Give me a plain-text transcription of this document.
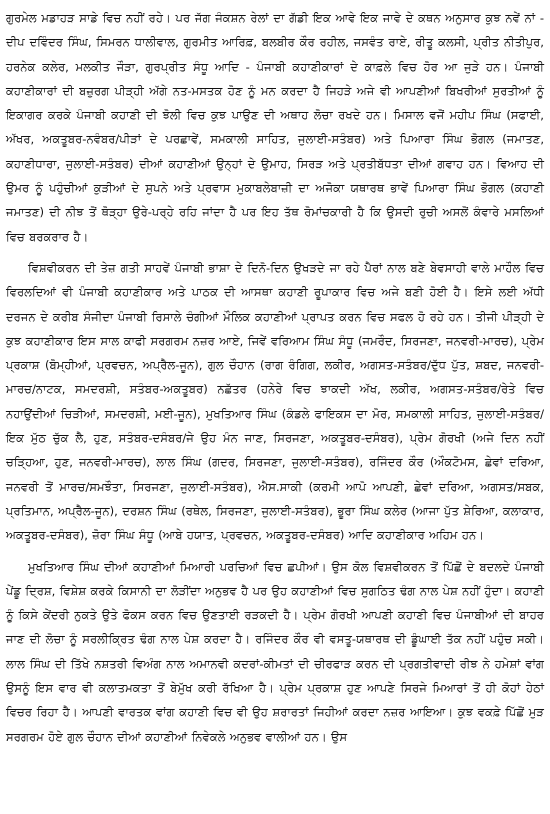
ਗੁਰਮੇਲ ਮਡਾਹੜ ਸਾਡੇ ਵਿਚ ਨਹੀਂ ਰਹੇ। ਪਰ ਜੱਗ ਜੰਕਸ਼ਨ ਰੇਲਾਂ ਦਾ ਗੱਡੀ ਇਕ ਆਵੇ ਇਕ ਜਾਵੇ ਦੇ ਕਥਨ ਅਨੁਸਾਰ ਕੁਝ ਨਵੇਂ ਨਾਂ - ਦੀਪ ਦਵਿੰਦਰ ਸਿੰਘ, ਸਿਮਰਨ ਧਾਲੀਵਾਲ, ਗੁਰਮੀਤ ਆਰਿਫ਼, ਬਲਬੀਰ ਕੌਰ ਰਹੀਲ, ਜਸਵੰਤ ਰਾਏ, ਰੀਤੂ ਕਲਸੀ, ਪ੍ਰੀਤ ਨੀਤੀਪੁਰ, ਹਰਨੇਕ ਕਲੇਰ, ਮਲਕੀਤ ਜੌੜਾ, ਗੁਰਪ੍ਰੀਤ ਸੰਧੂ ਆਦਿ - ਪੰਜਾਬੀ ਕਹਾਣੀਕਾਰਾਂ ਦੇ ਕਾਫ਼ਲੇ ਵਿਚ ਹੋਰ ਆ ਜੁੜੇ ਹਨ। ਪੰਜਾਬੀ ਕਹਾਣੀਕਾਰਾਂ ਦੀ ਬਜ਼ੁਰਗ ਪੀੜ੍ਹੀ ਅੱਗੇ ਨਤ-ਮਸਤਕ ਹੋਣ ਨੂੰ ਮਨ ਕਰਦਾ ਹੈ ਜਿਹੜੇ ਅਜੇ ਵੀ ਆਪਣੀਆਂ ਬਿਖਰੀਆਂ ਸੁਰਤੀਆਂ ਨੂੰ ਇਕਾਗਰ ਕਰਕੇ ਪੰਜਾਬੀ ਕਹਾਣੀ ਦੀ ਝੋਲੀ ਵਿਚ ਕੁਝ ਪਾਉਣ ਦੀ ਅਥਾਹ ਲੋਚਾ ਰਖਦੇ ਹਨ। ਮਿਸਾਲ ਵਜੋਂ ਮਹੀਪ ਸਿੰਘ (ਸਫਾਈ, ਅੱਖਰ, ਅਕਤੂਬਰ-ਨਵੰਬਰ/ਪੀੜਾਂ ਦੇ ਪਰਛਾਵੇਂ, ਸਮਕਾਲੀ ਸਾਹਿਤ, ਜੁਲਾਈ-ਸਤੰਬਰ) ਅਤੇ ਪਿਆਰਾ ਸਿੰਘ ਭੋਗਲ (ਜਮਾਤਣ, ਕਹਾਣੀਧਾਰਾ, ਜੁਲਾਈ-ਸਤੰਬਰ) ਦੀਆਂ ਕਹਾਣੀਆਂ ਉਨ੍ਹਾਂ ਦੇ ਉਮਾਹ, ਸਿਰੜ ਅਤੇ ਪ੍ਰਤੀਬੱਧਤਾ ਦੀਆਂ ਗਵਾਹ ਹਨ। ਵਿਆਹ ਦੀ ਉਮਰ ਨੂੰ ਪਹੁੰਚੀਆਂ ਕੁੜੀਆਂ ਦੇ ਸੁਪਨੇ ਅਤੇ ਪ੍ਰਵਾਸ ਮੁਕਾਬਲੇਬਾਜ਼ੀ ਦਾ ਅਜੋਕਾ ਯਥਾਰਥ ਭਾਵੇਂ ਪਿਆਰਾ ਸਿੰਘ ਭੋਗਲ (ਕਹਾਣੀ ਜਮਾਤਣ) ਦੀ ਨੀਝ ਤੋਂ ਥੋੜ੍ਹਾ ਉਰੇ-ਪਰ੍ਹੇ ਰਹਿ ਜਾਂਦਾ ਹੈ ਪਰ ਇਹ ਤੱਥ ਰੋਮਾਂਚਕਾਰੀ ਹੈ ਕਿ ਉਸਦੀ ਰੁਚੀ ਅਸਲੋਂ ਕੰਵਾਰੇ ਮਸਲਿਆਂ ਵਿਚ ਬਰਕਰਾਰ ਹੈ।

ਵਿਸ਼ਵੀਕਰਨ ਦੀ ਤੇਜ਼ ਗਤੀ ਸਾਹਵੇਂ ਪੰਜਾਬੀ ਭਾਸ਼ਾ ਦੇ ਦਿਨੋ-ਦਿਨ ਉਖੜਦੇ ਜਾ ਰਹੇ ਪੈਰਾਂ ਨਾਲ ਬਣੇ ਬੇਵਸਾਹੀ ਵਾਲੇ ਮਾਹੌਲ ਵਿਚ ਵਿਰਲਦਿਆਂ ਵੀ ਪੰਜਾਬੀ ਕਹਾਣੀਕਾਰ ਅਤੇ ਪਾਠਕ ਦੀ ਆਸਥਾ ਕਹਾਣੀ ਰੂਪਾਕਾਰ ਵਿਚ ਅਜੇ ਬਣੀ ਹੋਈ ਹੈ। ਇਸੇ ਲਈ ਅੱਧੀ ਦਰਜਨ ਦੇ ਕਰੀਬ ਸੰਜੀਦਾ ਪੰਜਾਬੀ ਰਿਸਾਲੇ ਚੰਗੀਆਂ ਮੌਲਿਕ ਕਹਾਣੀਆਂ ਪ੍ਰਾਪਤ ਕਰਨ ਵਿਚ ਸਫਲ ਹੋ ਰਹੇ ਹਨ। ਤੀਜੀ ਪੀੜ੍ਹੀ ਦੇ ਕੁਝ ਕਹਾਣੀਕਾਰ ਇਸ ਸਾਲ ਕਾਫੀ ਸਰਗਰਮ ਨਜ਼ਰ ਆਏ, ਜਿਵੇਂ ਵਰਿਆਮ ਸਿੰਘ ਸੰਧੂ (ਜਮਰੌਦ, ਸਿਰਜਣਾ, ਜਨਵਰੀ-ਮਾਰਚ), ਪ੍ਰੇਮ ਪ੍ਰਕਾਸ਼ (ਬੋਮ੍ਹੀਆਂ, ਪ੍ਰਵਚਨ, ਅਪ੍ਰੈਲ-ਜੂਨ), ਗੁਲ ਚੌਹਾਨ (ਰਾਗ ਰੰਗਿਗ, ਲਕੀਰ, ਅਗਸਤ-ਸਤੰਬਰ/ਦੁੱਧ ਪੁੱਤ, ਸ਼ਬਦ, ਜਨਵਰੀ-ਮਾਰਚ/ਨਾਟਕ, ਸਮਦਰਸ਼ੀ, ਸਤੰਬਰ-ਅਕਤੂਬਰ) ਨਛੱਤਰ (ਹਨੇਰੇ ਵਿਚ ਝਾਕਦੀ ਅੱਖ, ਲਕੀਰ, ਅਗਸਤ-ਸਤੰਬਰ/ਰੇਤੇ ਵਿਚ ਨਹਾਉਂਦੀਆਂ ਚਿੜੀਆਂ, ਸਮਦਰਸ਼ੀ, ਮਈ-ਜੂਨ), ਮੁਖਤਿਆਰ ਸਿੰਘ (ਕੰਡਲੇ ਫਾਇਕਸ ਦਾ ਮੋਰ, ਸਮਕਾਲੀ ਸਾਹਿਤ, ਜੁਲਾਈ-ਸਤੰਬਰ/ਇਕ ਮੁੱਠ ਚੁੱਕ ਲੈ, ਹੁਣ, ਸਤੰਬਰ-ਦਸੰਬਰ/ਜੇ ਉਹ ਮੰਨ ਜਾਣ, ਸਿਰਜਣਾ, ਅਕਤੂਬਰ-ਦਸੰਬਰ), ਪ੍ਰੇਮ ਗੋਰਖੀ (ਅਜੇ ਦਿਨ ਨਹੀਂ ਚੜ੍ਹਿਆ, ਹੁਣ, ਜਨਵਰੀ-ਮਾਰਚ), ਲਾਲ ਸਿੰਘ (ਗਦਰ, ਸਿਰਜਣਾ, ਜੁਲਾਈ-ਸਤੰਬਰ), ਰਜਿੰਦਰ ਕੌਰ (ਔਕਟੋਮਸ, ਛੇਵਾਂ ਦਰਿਆ, ਜਨਵਰੀ ਤੋਂ ਮਾਰਚ/ਸਮਝੌਤਾ, ਸਿਰਜਣਾ, ਜੁਲਾਈ-ਸਤੰਬਰ), ਐਸ.ਸਾਕੀ (ਕਰਮੀ ਆਪੋ ਆਪਣੀ, ਛੇਵਾਂ ਦਰਿਆ, ਅਗਸਤ/ਸਬਕ, ਪ੍ਰਤਿਮਾਨ, ਅਪ੍ਰੈਲ-ਜੂਨ), ਦਰਸ਼ਨ ਸਿੰਘ (ਰਥੇਲ, ਸਿਰਜਣਾ, ਜੁਲਾਈ-ਸਤੰਬਰ), ਭੂਰਾ ਸਿੰਘ ਕਲੇਰ (ਆਜਾ ਪੁੱਤ ਸ਼ੇਰਿਆ, ਕਲਾਕਾਰ, ਅਕਤੂਬਰ-ਦਸੰਬਰ), ਜ਼ੋਰਾ ਸਿੰਘ ਸੰਧੂ (ਆਬੇ ਹਯਾਤ, ਪ੍ਰਵਚਨ, ਅਕਤੂਬਰ-ਦਸੰਬਰ) ਆਦਿ ਕਹਾਣੀਕਾਰ ਅਹਿਮ ਹਨ।

ਮੁਖਤਿਆਰ ਸਿੰਘ ਦੀਆਂ ਕਹਾਣੀਆਂ ਮਿਆਰੀ ਪਰਚਿਆਂ ਵਿਚ ਛਪੀਆਂ। ਉਸ ਕੋਲ ਵਿਸ਼ਵੀਕਰਨ ਤੋਂ ਪਿੱਛੋਂ ਦੇ ਬਦਲਦੇ ਪੰਜਾਬੀ ਪੇਂਡੂ ਦ੍ਰਿਸ਼, ਵਿਸ਼ੇਸ਼ ਕਰਕੇ ਕਿਸਾਨੀ ਦਾ ਲੋੜੀਂਦਾ ਅਨੁਭਵ ਹੈ ਪਰ ਉਹ ਕਹਾਣੀਆਂ ਵਿਚ ਸੁਗਠਿਤ ਢੰਗ ਨਾਲ ਪੇਸ਼ ਨਹੀਂ ਹੁੰਦਾ। ਕਹਾਣੀ ਨੂੰ ਕਿਸੇ ਕੇਂਦਰੀ ਨੁਕਤੇ ਉਤੇ ਫੋਕਸ ਕਰਨ ਵਿਚ ਉਣਤਾਈ ਰੜਕਦੀ ਹੈ। ਪ੍ਰੇਮ ਗੋਰਖੀ ਆਪਣੀ ਕਹਾਣੀ ਵਿਚ ਪੰਜਾਬੀਆਂ ਦੀ ਬਾਹਰ ਜਾਣ ਦੀ ਲੋਚਾ ਨੂੰ ਸਰਲੀਕ੍ਰਿਤ ਢੰਗ ਨਾਲ ਪੇਸ਼ ਕਰਦਾ ਹੈ। ਰਜਿੰਦਰ ਕੌਰ ਵੀ ਵਸਤੂ-ਯਥਾਰਥ ਦੀ ਡੂੰਘਾਈ ਤੱਕ ਨਹੀਂ ਪਹੁੰਚ ਸਕੀ। ਲਾਲ ਸਿੰਘ ਦੀ ਤਿੱਖੇ ਨਸ਼ਤਰੀ ਵਿਅੰਗ ਨਾਲ ਅਮਾਨਵੀ ਕਦਰਾਂ-ਕੀਮਤਾਂ ਦੀ ਚੀਰਫਾੜ ਕਰਨ ਦੀ ਪ੍ਰਗਤੀਵਾਦੀ ਰੀਝ ਨੇ ਹਮੇਸ਼ਾਂ ਵਾਂਗ ਉਸਨੂੰ ਇਸ ਵਾਰ ਵੀ ਕਲਾਤਮਕਤਾ ਤੋਂ ਬੇਮੁੱਖ ਕਰੀ ਰੱਖਿਆ ਹੈ। ਪ੍ਰੇਮ ਪ੍ਰਕਾਸ਼ ਹੁਣ ਆਪਣੇ ਸਿਰਜੇ ਮਿਆਰਾਂ ਤੋਂ ਹੀ ਕੋਹਾਂ ਹੇਠਾਂ ਵਿਚਰ ਰਿਹਾ ਹੈ। ਆਪਣੀ ਵਾਰਤਕ ਵਾਂਗ ਕਹਾਣੀ ਵਿਚ ਵੀ ਉਹ ਸ਼ਰਾਰਤਾਂ ਜਿਹੀਆਂ ਕਰਦਾ ਨਜ਼ਰ ਆਇਆ। ਕੁਝ ਵਕਫ਼ੇ ਪਿੱਛੋਂ ਮੁੜ ਸਰਗਰਮ ਹੋਏ ਗੁਲ ਚੌਹਾਨ ਦੀਆਂ ਕਹਾਣੀਆਂ ਨਿਵੇਕਲੇ ਅਨੁਭਵ ਵਾਲੀਆਂ ਹਨ। ਉਸ
